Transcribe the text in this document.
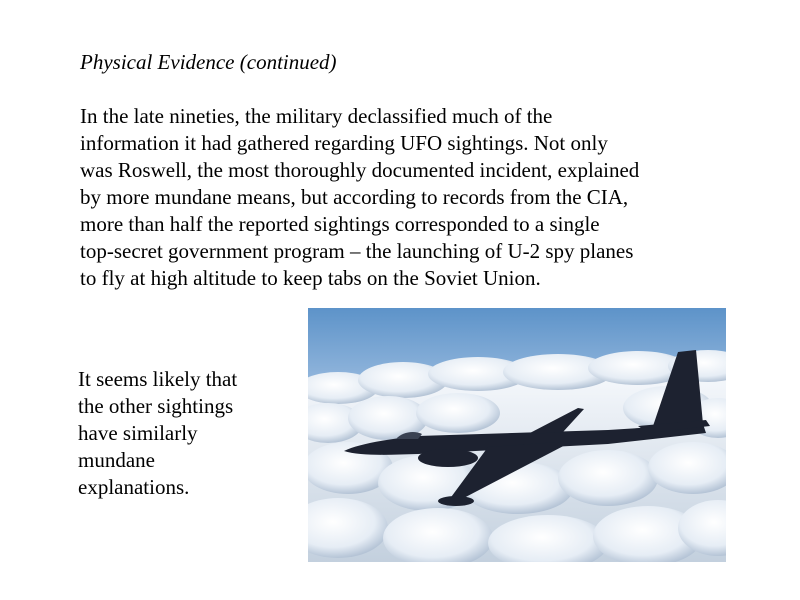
Physical Evidence (continued)
In the late nineties, the military declassified much of the
information it had gathered regarding UFO sightings. Not only
was Roswell, the most thoroughly documented incident, explained
by more mundane means, but according to records from the CIA,
more than half the reported sightings corresponded to a single
top-secret government program – the launching of U-2 spy planes
to fly at high altitude to keep tabs on the Soviet Union.
It seems likely that
the other sightings
have similarly
mundane
explanations.
